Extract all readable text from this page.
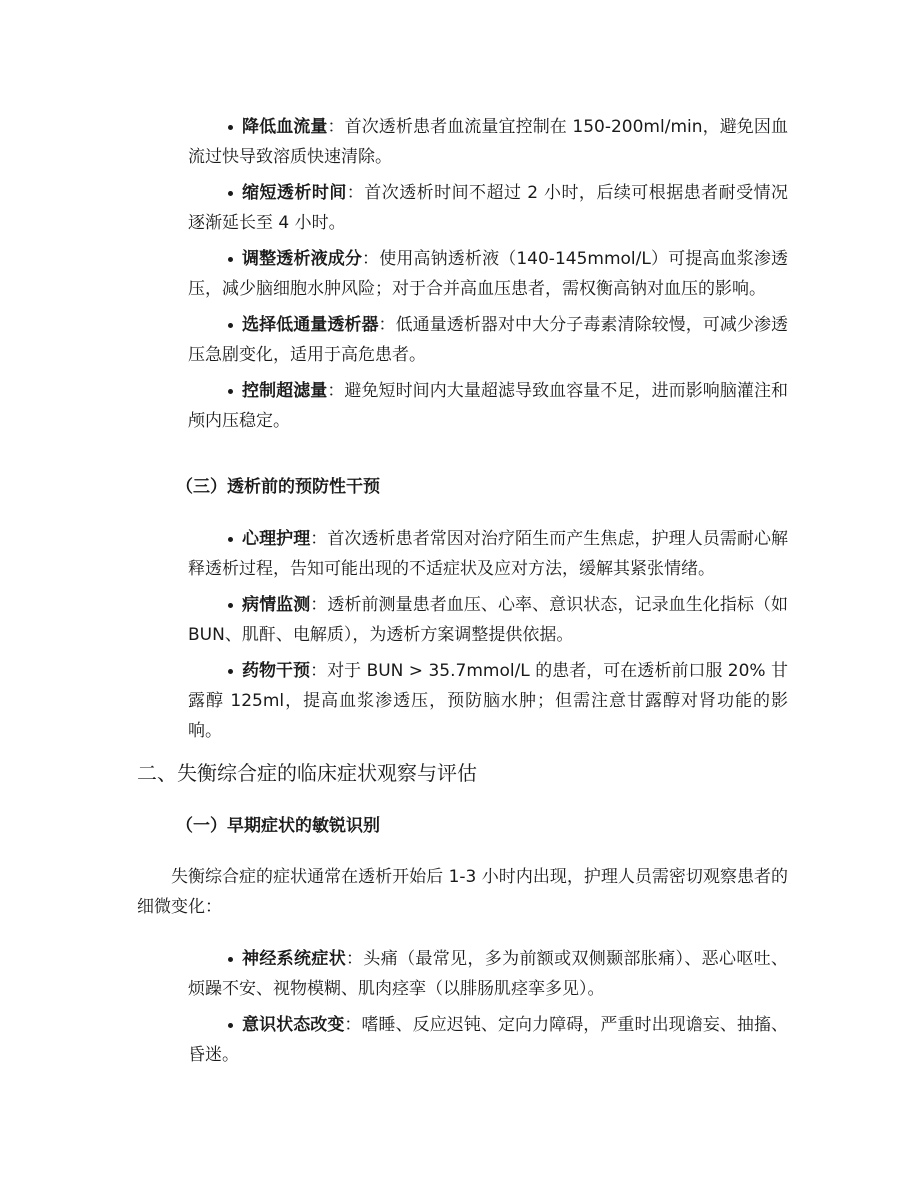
降低血流量：首次透析患者血流量宜控制在 150-200ml/min，避免因血流过快导致溶质快速清除。
缩短透析时间：首次透析时间不超过 2 小时，后续可根据患者耐受情况逐渐延长至 4 小时。
调整透析液成分：使用高钠透析液（140-145mmol/L）可提高血浆渗透压，减少脑细胞水肿风险；对于合并高血压患者，需权衡高钠对血压的影响。
选择低通量透析器：低通量透析器对中大分子毒素清除较慢，可减少渗透压急剧变化，适用于高危患者。
控制超滤量：避免短时间内大量超滤导致血容量不足，进而影响脑灌注和颅内压稳定。
（三）透析前的预防性干预
心理护理：首次透析患者常因对治疗陌生而产生焦虑，护理人员需耐心解释透析过程，告知可能出现的不适症状及应对方法，缓解其紧张情绪。
病情监测：透析前测量患者血压、心率、意识状态，记录血生化指标（如 BUN、肌酐、电解质），为透析方案调整提供依据。
药物干预：对于 BUN > 35.7mmol/L 的患者，可在透析前口服 20% 甘露醇 125ml，提高血浆渗透压，预防脑水肿；但需注意甘露醇对肾功能的影响。
二、失衡综合症的临床症状观察与评估
（一）早期症状的敏锐识别

失衡综合症的症状通常在透析开始后 1-3 小时内出现，护理人员需密切观察患者的细微变化：

神经系统症状：头痛（最常见，多为前额或双侧颞部胀痛）、恶心呕吐、烦躁不安、视物模糊、肌肉痉挛（以腓肠肌痉挛多见）。
意识状态改变：嗜睡、反应迟钝、定向力障碍，严重时出现谵妄、抽搐、昏迷。
